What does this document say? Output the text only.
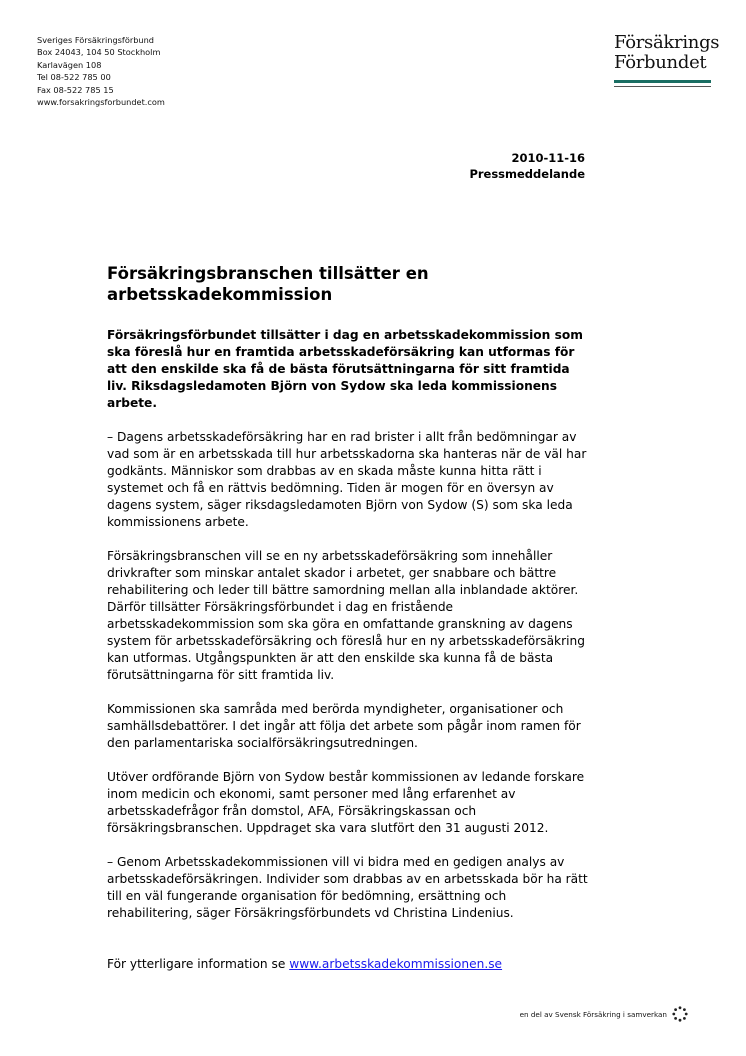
Sveriges Försäkringsförbund
Box 24043, 104 50 Stockholm
Karlavägen 108
Tel 08-522 785 00
Fax 08-522 785 15
www.forsakringsforbundet.com
Försäkrings
Förbundet
2010-11-16
Pressmeddelande
Försäkringsbranschen tillsätter en
arbetsskadekommission

Försäkringsförbundet tillsätter i dag en arbetsskadekommission som ska föreslå hur en framtida arbetsskadeförsäkring kan utformas för att den enskilde ska få de bästa förutsättningarna för sitt framtida liv. Riksdagsledamoten Björn von Sydow ska leda kommissionens arbete.

– Dagens arbetsskadeförsäkring har en rad brister i allt från bedömningar av vad som är en arbetsskada till hur arbetsskadorna ska hanteras när de väl har godkänts. Människor som drabbas av en skada måste kunna hitta rätt i systemet och få en rättvis bedömning. Tiden är mogen för en översyn av dagens system, säger riksdagsledamoten Björn von Sydow (S) som ska leda kommissionens arbete.

Försäkringsbranschen vill se en ny arbetsskadeförsäkring som innehåller drivkrafter som minskar antalet skador i arbetet, ger snabbare och bättre rehabilitering och leder till bättre samordning mellan alla inblandade aktörer. Därför tillsätter Försäkringsförbundet i dag en fristående arbetsskadekommission som ska göra en omfattande granskning av dagens system för arbetsskadeförsäkring och föreslå hur en ny arbetsskadeförsäkring kan utformas. Utgångspunkten är att den enskilde ska kunna få de bästa förutsättningarna för sitt framtida liv.

Kommissionen ska samråda med berörda myndigheter, organisationer och samhällsdebattörer. I det ingår att följa det arbete som pågår inom ramen för den parlamentariska socialförsäkringsutredningen.

Utöver ordförande Björn von Sydow består kommissionen av ledande forskare inom medicin och ekonomi, samt personer med lång erfarenhet av arbetsskadefrågor från domstol, AFA, Försäkringskassan och försäkringsbranschen. Uppdraget ska vara slutfört den 31 augusti 2012.

– Genom Arbetsskadekommissionen vill vi bidra med en gedigen analys av arbetsskadeförsäkringen. Individer som drabbas av en arbetsskada bör ha rätt till en väl fungerande organisation för bedömning, ersättning och rehabilitering, säger Försäkringsförbundets vd Christina Lindenius.

För ytterligare information se www.arbetsskadekommissionen.se

en del av Svensk Försäkring i samverkan
